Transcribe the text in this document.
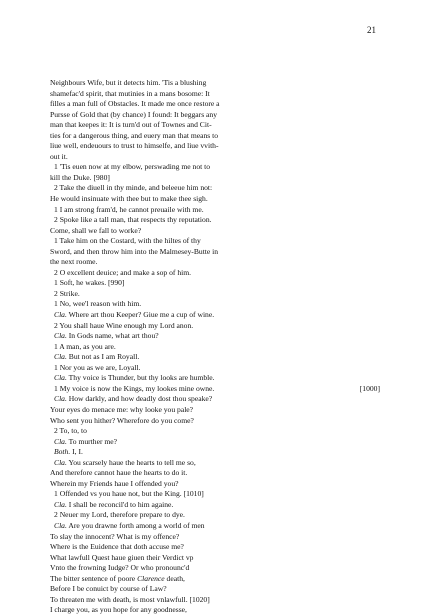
21
Neighbours Wife, but it detects him. 'Tis a blushing
shamefac'd spirit, that mutinies in a mans bosome: It
filles a man full of Obstacles. It made me once restore a
Pursse of Gold that (by chance) I found: It beggars any
man that keepes it: It is turn'd out of Townes and Cit-
ties for a dangerous thing, and euery man that means to
liue well, endeuours to trust to himselfe, and liue vvith-
out it.
1 'Tis euen now at my elbow, perswading me not to
kill the Duke. [980]
2 Take the diuell in thy minde, and beleeue him not:
He would insinuate with thee but to make thee sigh.
1 I am strong fram'd, he cannot preuaile with me.
2 Spoke like a tall man, that respects thy reputation.
Come, shall we fall to worke?
1 Take him on the Costard, with the hiltes of thy
Sword, and then throw him into the Malmesey-Butte in
the next roome.
2 O excellent deuice; and make a sop of him.
1 Soft, he wakes. [990]
2 Strike.
1 No, wee'l reason with him.
Cla. Where art thou Keeper? Giue me a cup of wine.
2 You shall haue Wine enough my Lord anon.
Cla. In Gods name, what art thou?
1 A man, as you are.
Cla. But not as I am Royall.
1 Nor you as we are, Loyall.
Cla. Thy voice is Thunder, but thy looks are humble.
1 My voice is now the Kings, my lookes mine owne.	[1000]
Cla. How darkly, and how deadly dost thou speake?
Your eyes do menace me: why looke you pale?
Who sent you hither? Wherefore do you come?
2 To, to, to
Cla. To murther me?
Both. I, I.
Cla. You scarsely haue the hearts to tell me so,
And therefore cannot haue the hearts to do it.
Wherein my Friends haue I offended you?
1 Offended vs you haue not, but the King. [1010]
Cla. I shall be reconcil'd to him againe.
2 Neuer my Lord, therefore prepare to dye.
Cla. Are you drawne forth among a world of men
To slay the innocent? What is my offence?
Where is the Euidence that doth accuse me?
What lawfull Quest haue giuen their Verdict vp
Vnto the frowning Iudge? Or who pronounc'd
The bitter sentence of poore Clarence death,
Before I be conuict by course of Law?
To threaten me with death, is most vnlawfull. [1020]
I charge you, as you hope for any goodnesse,
